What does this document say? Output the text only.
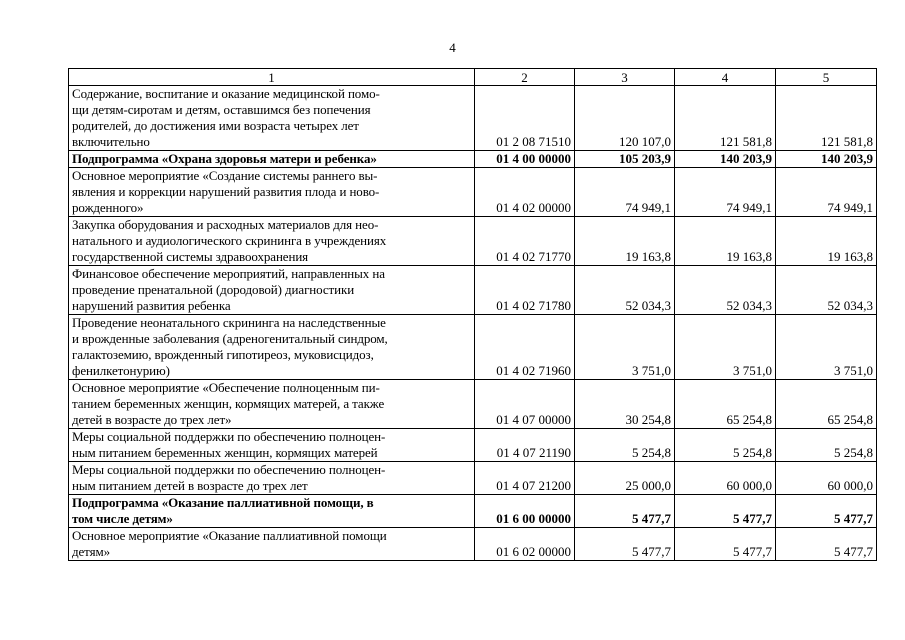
4
1	2	3	4	5

Содержание, воспитание и оказание медицинской помо-
щи детям-сиротам и детям, оставшимся без попечения
родителей, до достижения ими возраста четырех лет
включительно	01 2 08 71510	120 107,0	121 581,8	121 581,8

Подпрограмма «Охрана здоровья матери и ребенка»	01 4 00 00000	105 203,9	140 203,9	140 203,9

Основное мероприятие «Создание системы раннего вы-
явления и коррекции нарушений развития плода и ново-
рожденного»	01 4 02 00000	74 949,1	74 949,1	74 949,1

Закупка оборудования и расходных материалов для нео-
натального и аудиологического скрининга в учреждениях
государственной системы здравоохранения	01 4 02 71770	19 163,8	19 163,8	19 163,8

Финансовое обеспечение мероприятий, направленных на
проведение пренатальной (дородовой) диагностики
нарушений развития ребенка	01 4 02 71780	52 034,3	52 034,3	52 034,3

Проведение неонатального скрининга на наследственные
и врожденные заболевания (адреногенитальный синдром,
галактоземию, врожденный гипотиреоз, муковисцидоз,
фенилкетонурию)	01 4 02 71960	3 751,0	3 751,0	3 751,0

Основное мероприятие «Обеспечение полноценным пи-
танием беременных женщин, кормящих матерей, а также
детей в возрасте до трех лет»	01 4 07 00000	30 254,8	65 254,8	65 254,8

Меры социальной поддержки по обеспечению полноцен-
ным питанием беременных женщин, кормящих матерей	01 4 07 21190	5 254,8	5 254,8	5 254,8

Меры социальной поддержки по обеспечению полноцен-
ным питанием детей в возрасте до трех лет	01 4 07 21200	25 000,0	60 000,0	60 000,0

Подпрограмма «Оказание паллиативной помощи, в
том числе детям»	01 6 00 00000	5 477,7	5 477,7	5 477,7

Основное мероприятие «Оказание паллиативной помощи
детям»	01 6 02 00000	5 477,7	5 477,7	5 477,7
